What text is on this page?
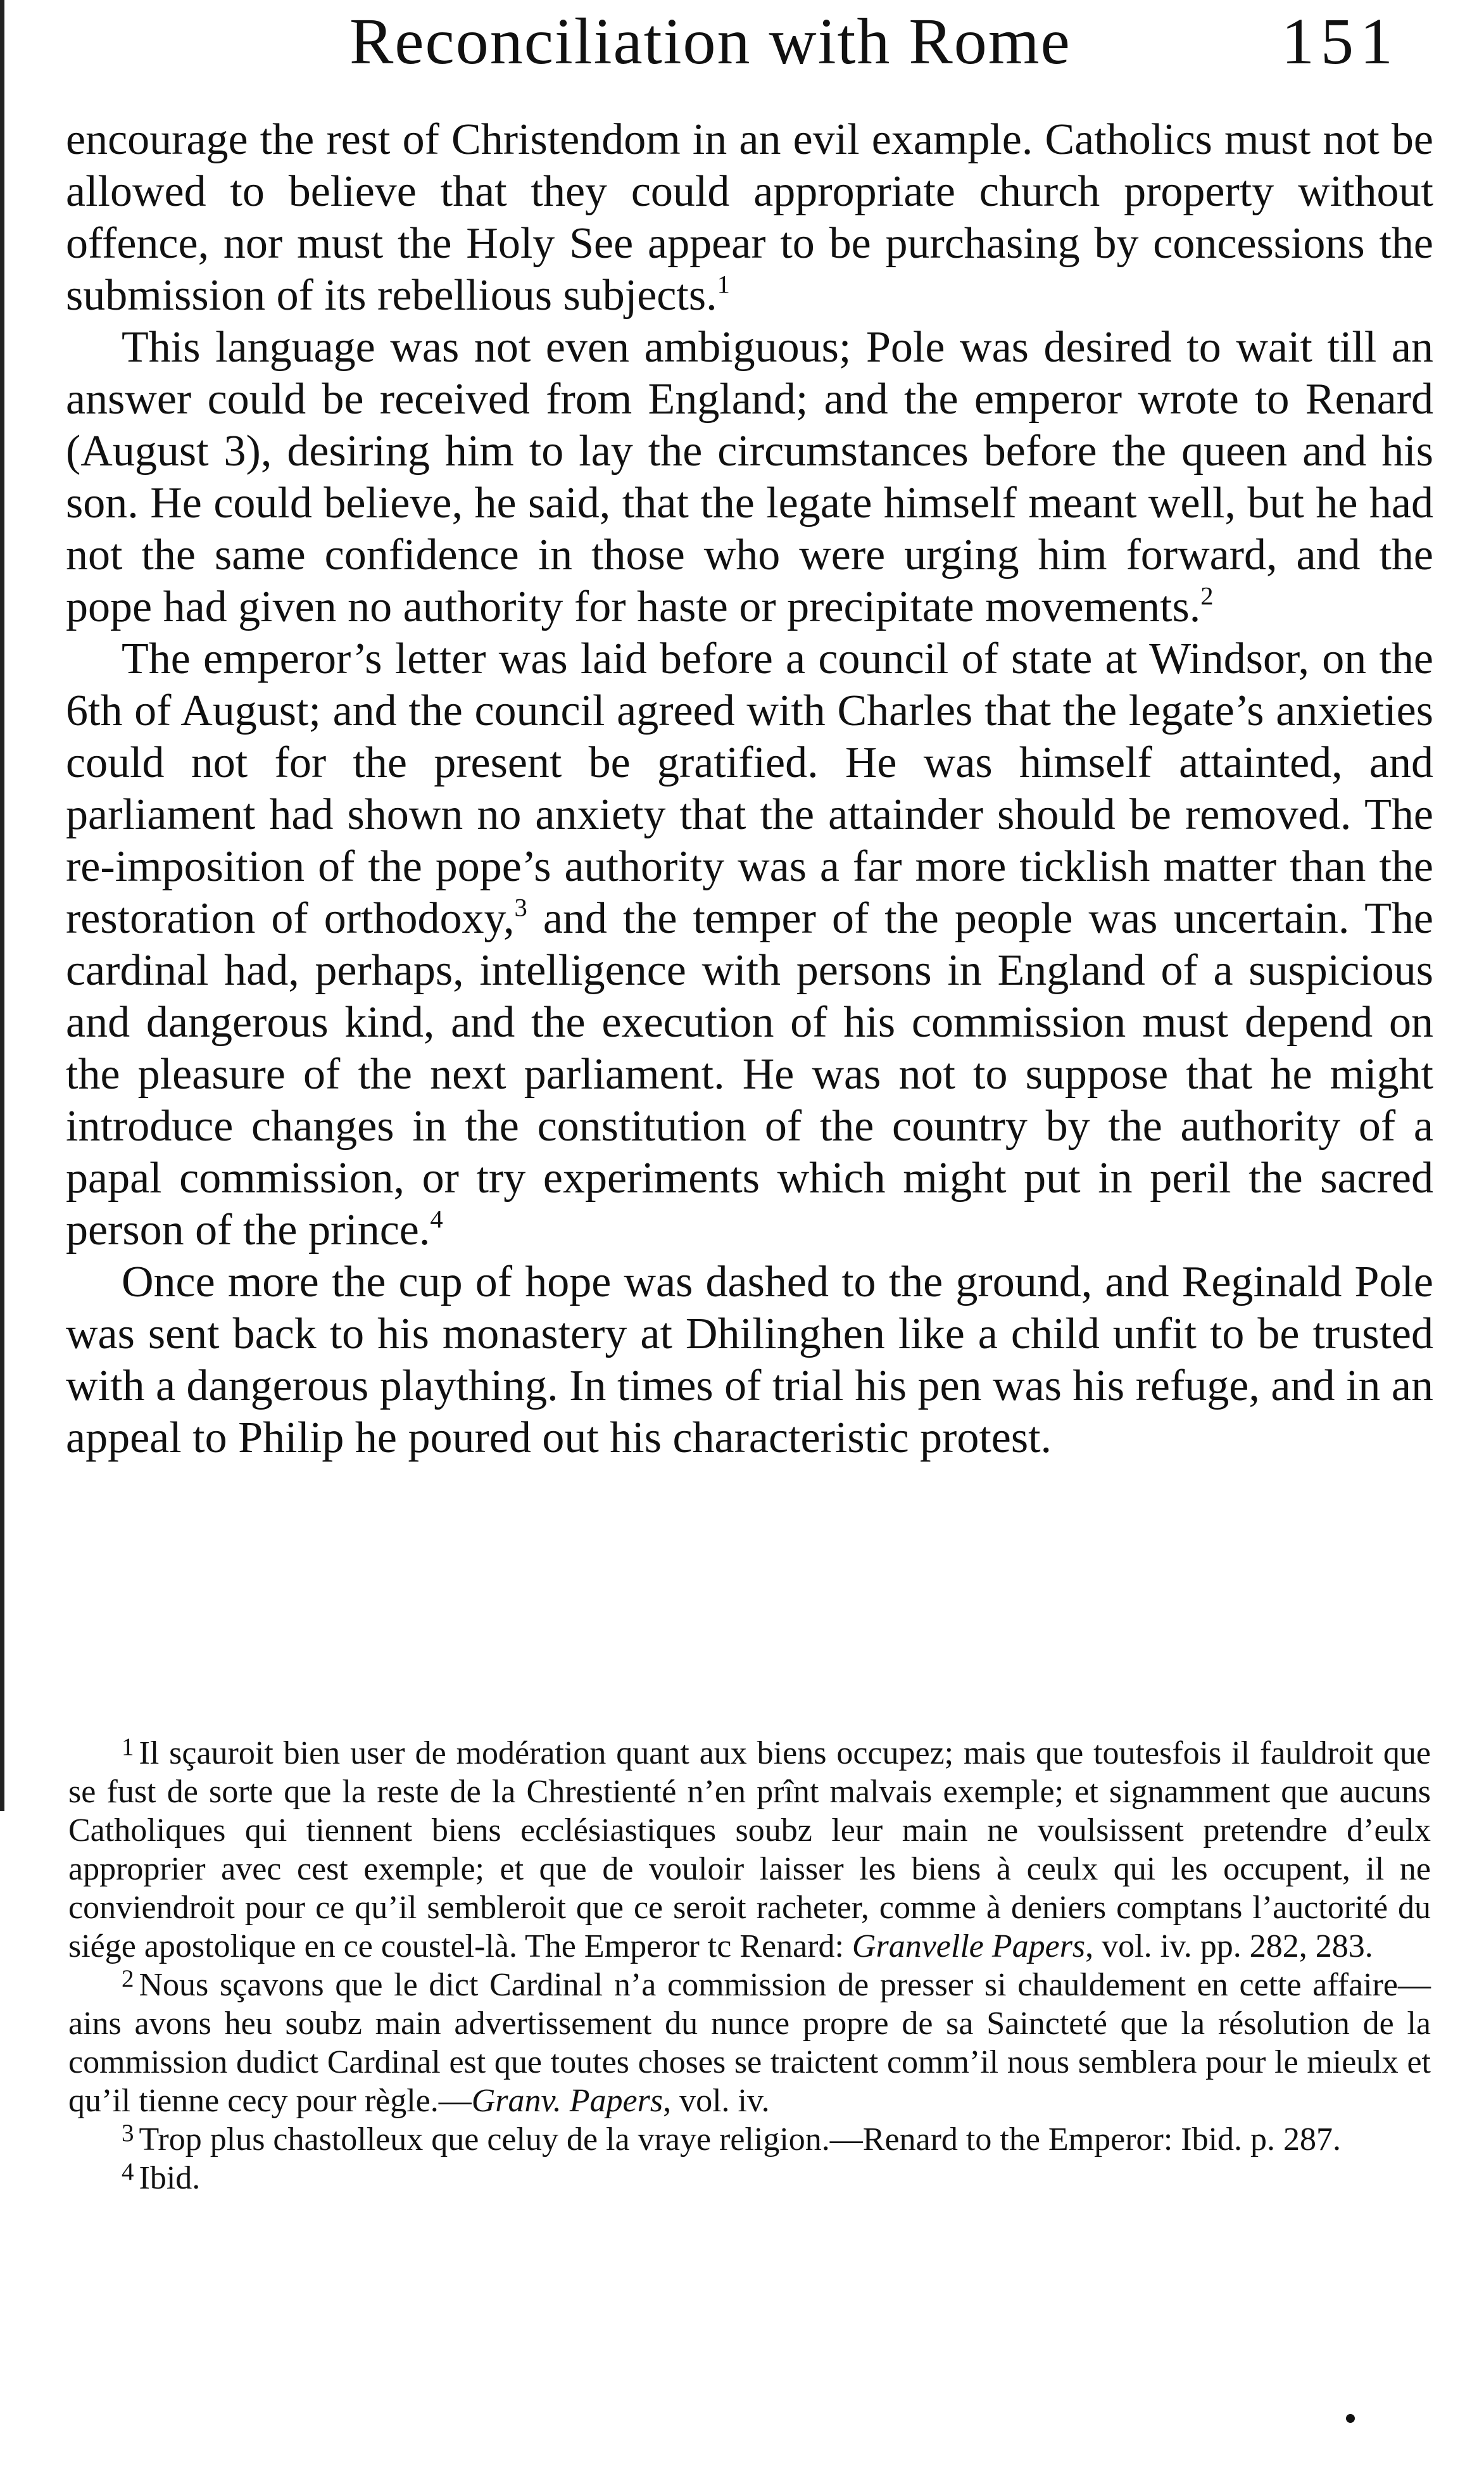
Reconciliation with Rome	151

encourage the rest of Christendom in an evil example. Catholics must not be allowed to believe that they could appropriate church property without offence, nor must the Holy See appear to be purchasing by concessions the submission of its rebellious subjects.$^1$

This language was not even ambiguous; Pole was desired to wait till an answer could be received from England; and the emperor wrote to Renard (August 3), desiring him to lay the circumstances before the queen and his son. He could believe, he said, that the legate himself meant well, but he had not the same confidence in those who were urging him forward, and the pope had given no authority for haste or precipitate movements.$^2$

The emperor’s letter was laid before a council of state at Windsor, on the 6th of August; and the council agreed with Charles that the legate’s anxieties could not for the present be gratified. He was himself attainted, and parliament had shown no anxiety that the attainder should be removed. The re-imposition of the pope’s authority was a far more ticklish matter than the restoration of orthodoxy,$^3$ and the temper of the people was uncertain. The cardinal had, perhaps, intelligence with persons in England of a suspicious and dangerous kind, and the execution of his commission must depend on the pleasure of the next parliament. He was not to suppose that he might introduce changes in the constitution of the country by the authority of a papal commission, or try experiments which might put in peril the sacred person of the prince.$^4$

Once more the cup of hope was dashed to the ground, and Reginald Pole was sent back to his monastery at Dhilinghen like a child unfit to be trusted with a dangerous plaything. In times of trial his pen was his refuge, and in an appeal to Philip he poured out his characteristic protest.

$^1$ Il sçauroit bien user de modération quant aux biens occupez; mais que toutesfois il fauldroit que se fust de sorte que la reste de la Chrestienté n’en prînt malvais exemple; et signamment que aucuns Catholiques qui tiennent biens ecclésiastiques soubz leur main ne voulsissent pretendre d’eulx approprier avec cest exemple; et que de vouloir laisser les biens à ceulx qui les occupent, il ne conviendroit pour ce qu’il sembleroit que ce seroit racheter, comme à deniers comptans l’auctorité du siége apostolique en ce coustel-là. The Emperor tc Renard: Granvelle Papers, vol. iv. pp. 282, 283.

$^2$ Nous sçavons que le dict Cardinal n’a commission de presser si chauldement en cette affaire—ains avons heu soubz main advertissement du nunce propre de sa Saincteté que la résolution de la commission dudict Cardinal est que toutes choses se traictent comm’il nous semblera pour le mieulx et qu’il tienne cecy pour règle.—Granv. Papers, vol. iv.

$^3$ Trop plus chastolleux que celuy de la vraye religion.—Renard to the Emperor: Ibid. p. 287.

$^4$ Ibid.
